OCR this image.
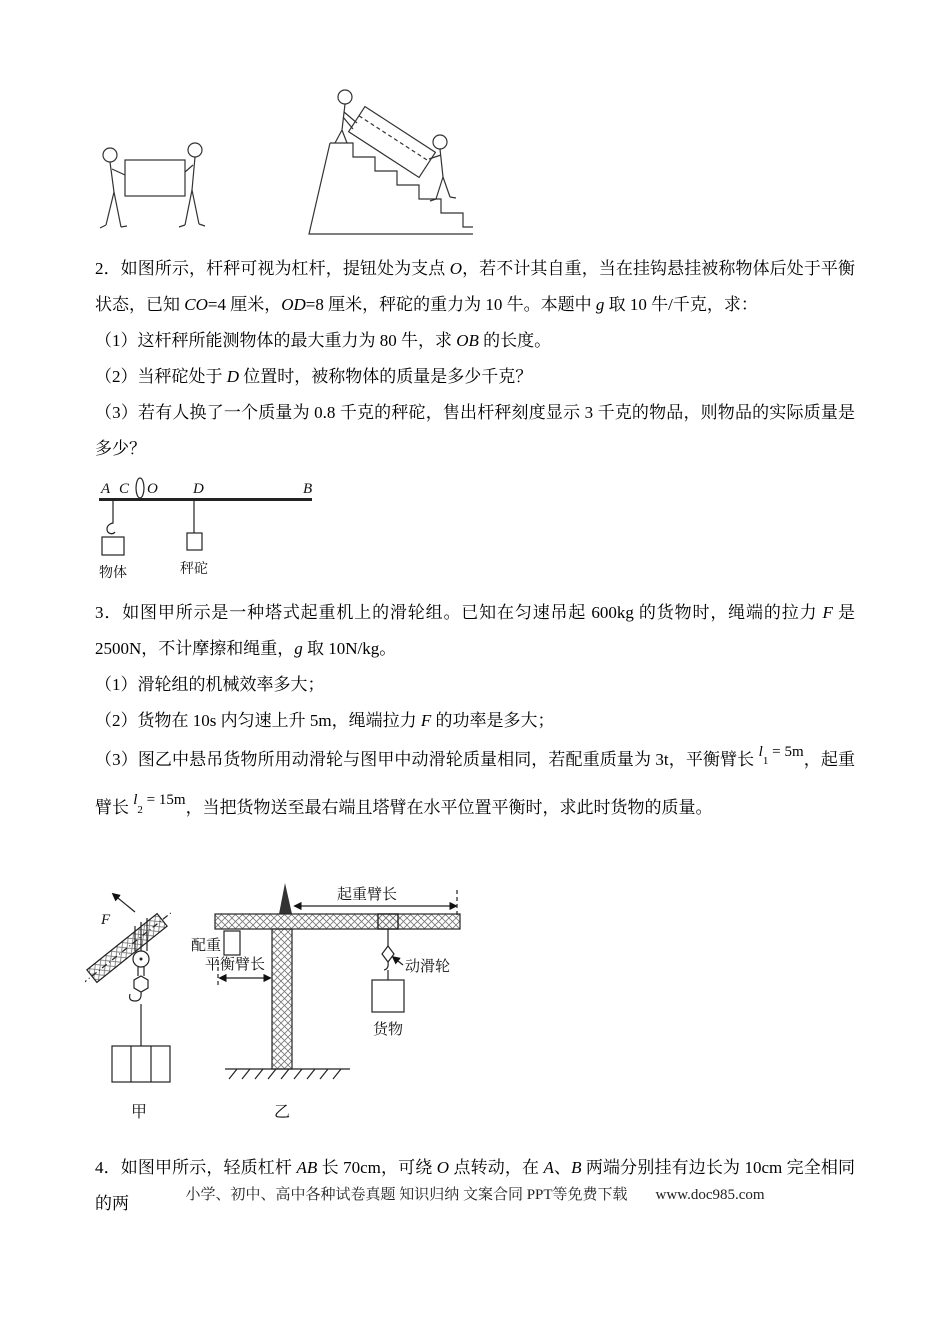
2．如图所示，杆秤可视为杠杆，提钮处为支点 O，若不计其自重，当在挂钩悬挂被称物体后处于平衡状态，已知 CO=4 厘米，OD=8 厘米，秤砣的重力为 10 牛。本题中 g 取 10 牛/千克，求：

（1）这杆秤所能测物体的最大重力为 80 牛，求 OB 的长度。

（2）当秤砣处于 D 位置时，被称物体的质量是多少千克？

（3）若有人换了一个质量为 0.8 千克的秤砣，售出杆秤刻度显示 3 千克的物品，则物品的实际质量是多少？

A C O D	B
物体	秤砣

3．如图甲所示是一种塔式起重机上的滑轮组。已知在匀速吊起 600kg 的货物时，绳端的拉力 F 是 2500N，不计摩擦和绳重，g 取 10N/kg。

（1）滑轮组的机械效率多大；

（2）货物在 10s 内匀速上升 5m，绳端拉力 F 的功率是多大；

（3）图乙中悬吊货物所用动滑轮与图甲中动滑轮质量相同，若配重质量为 3t，平衡臂长 $l_1 = 5m$，起重臂长 $l_2 = 15m$，当把货物送至最右端且塔臂在水平位置平衡时，求此时货物的质量。

F
甲
起重臂长
配重
平衡臂长	动滑轮
货物
乙

4．如图甲所示，轻质杠杆 AB 长 70cm，可绕 O 点转动，在 A、B 两端分别挂有边长为 10cm 完全相同的两	小学、初中、高中各种试卷真题 知识归纳 文案合同 PPT等免费下载 www.doc985.com
